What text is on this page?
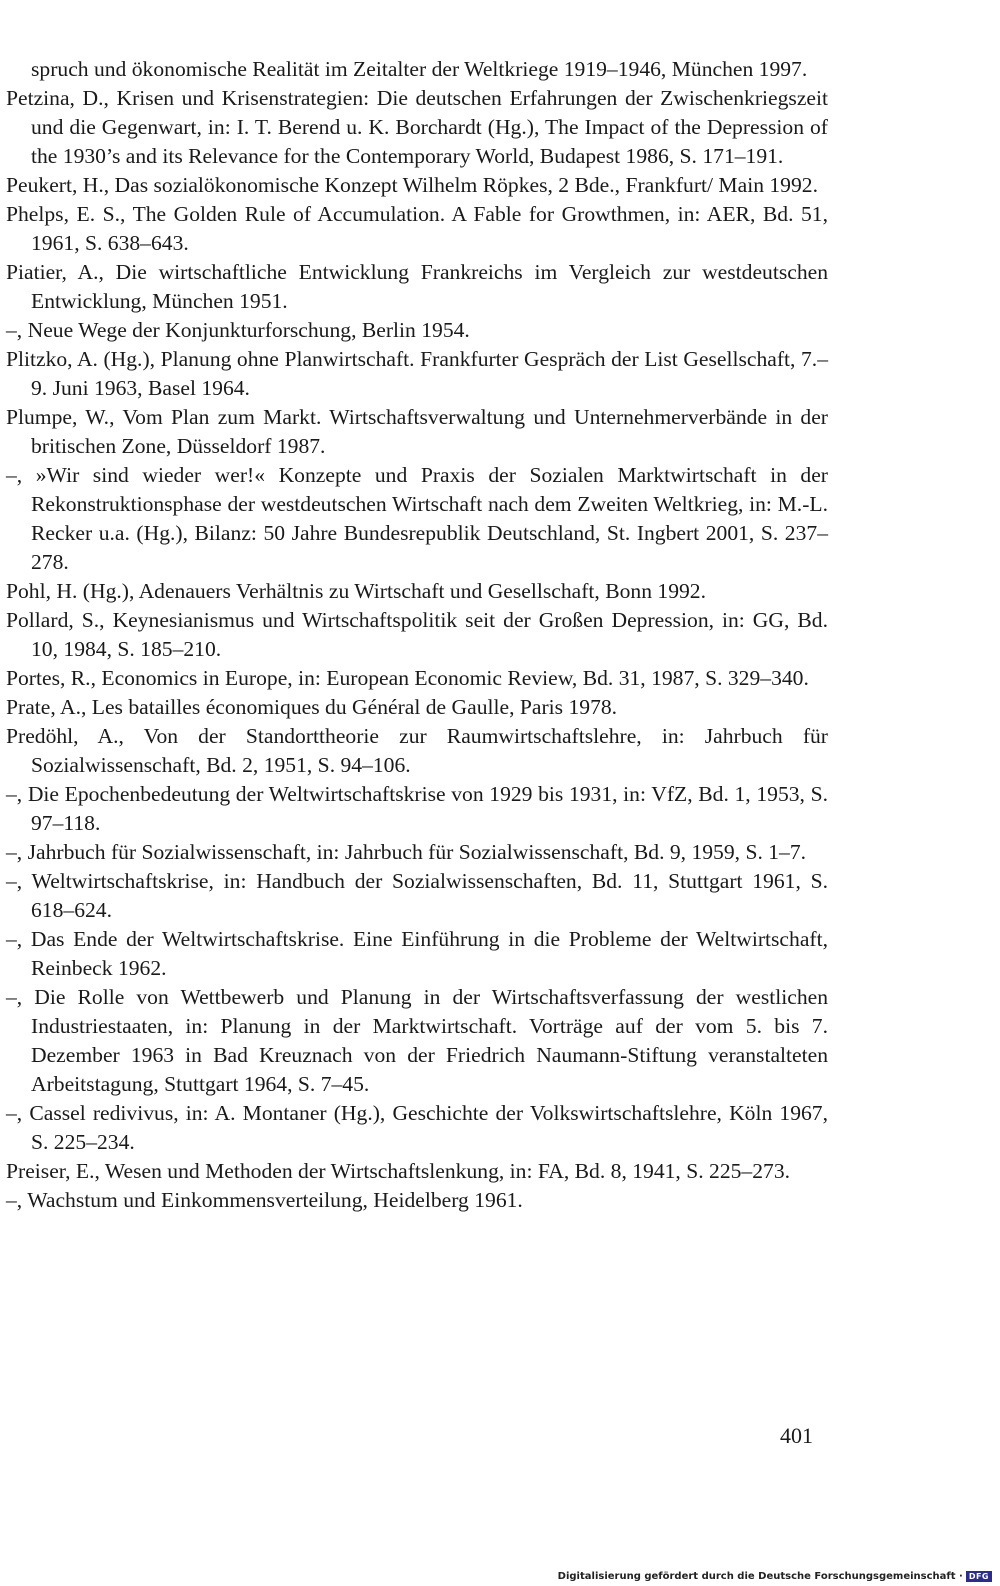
spruch und ökonomische Realität im Zeitalter der Weltkriege 1919–1946, München 1997.
Petzina, D., Krisen und Krisenstrategien: Die deutschen Erfahrungen der Zwischenkriegszeit und die Gegenwart, in: I. T. Berend u. K. Borchardt (Hg.), The Impact of the Depression of the 1930’s and its Relevance for the Contemporary World, Budapest 1986, S. 171–191.
Peukert, H., Das sozialökonomische Konzept Wilhelm Röpkes, 2 Bde., Frankfurt/ Main 1992.
Phelps, E. S., The Golden Rule of Accumulation. A Fable for Growthmen, in: AER, Bd. 51, 1961, S. 638–643.
Piatier, A., Die wirtschaftliche Entwicklung Frankreichs im Vergleich zur westdeutschen Entwicklung, München 1951.
–, Neue Wege der Konjunkturforschung, Berlin 1954.
Plitzko, A. (Hg.), Planung ohne Planwirtschaft. Frankfurter Gespräch der List Gesellschaft, 7.–9. Juni 1963, Basel 1964.
Plumpe, W., Vom Plan zum Markt. Wirtschaftsverwaltung und Unternehmerverbände in der britischen Zone, Düsseldorf 1987.
–, »Wir sind wieder wer!« Konzepte und Praxis der Sozialen Marktwirtschaft in der Rekonstruktionsphase der westdeutschen Wirtschaft nach dem Zweiten Weltkrieg, in: M.-L. Recker u.a. (Hg.), Bilanz: 50 Jahre Bundesrepublik Deutschland, St. Ingbert 2001, S. 237–278.
Pohl, H. (Hg.), Adenauers Verhältnis zu Wirtschaft und Gesellschaft, Bonn 1992.
Pollard, S., Keynesianismus und Wirtschaftspolitik seit der Großen Depression, in: GG, Bd. 10, 1984, S. 185–210.
Portes, R., Economics in Europe, in: European Economic Review, Bd. 31, 1987, S. 329–340.
Prate, A., Les batailles économiques du Général de Gaulle, Paris 1978.
Predöhl, A., Von der Standorttheorie zur Raumwirtschaftslehre, in: Jahrbuch für Sozialwissenschaft, Bd. 2, 1951, S. 94–106.
–, Die Epochenbedeutung der Weltwirtschaftskrise von 1929 bis 1931, in: VfZ, Bd. 1, 1953, S. 97–118.
–, Jahrbuch für Sozialwissenschaft, in: Jahrbuch für Sozialwissenschaft, Bd. 9, 1959, S. 1–7.
–, Weltwirtschaftskrise, in: Handbuch der Sozialwissenschaften, Bd. 11, Stuttgart 1961, S. 618–624.
–, Das Ende der Weltwirtschaftskrise. Eine Einführung in die Probleme der Weltwirtschaft, Reinbeck 1962.
–, Die Rolle von Wettbewerb und Planung in der Wirtschaftsverfassung der westlichen Industriestaaten, in: Planung in der Marktwirtschaft. Vorträge auf der vom 5. bis 7. Dezember 1963 in Bad Kreuznach von der Friedrich Naumann-Stiftung veranstalteten Arbeitstagung, Stuttgart 1964, S. 7–45.
–, Cassel redivivus, in: A. Montaner (Hg.), Geschichte der Volkswirtschaftslehre, Köln 1967, S. 225–234.
Preiser, E., Wesen und Methoden der Wirtschaftslenkung, in: FA, Bd. 8, 1941, S. 225–273.
–, Wachstum und Einkommensverteilung, Heidelberg 1961.
401
Digitalisierung gefördert durch die Deutsche Forschungsgemeinschaft · DFG
